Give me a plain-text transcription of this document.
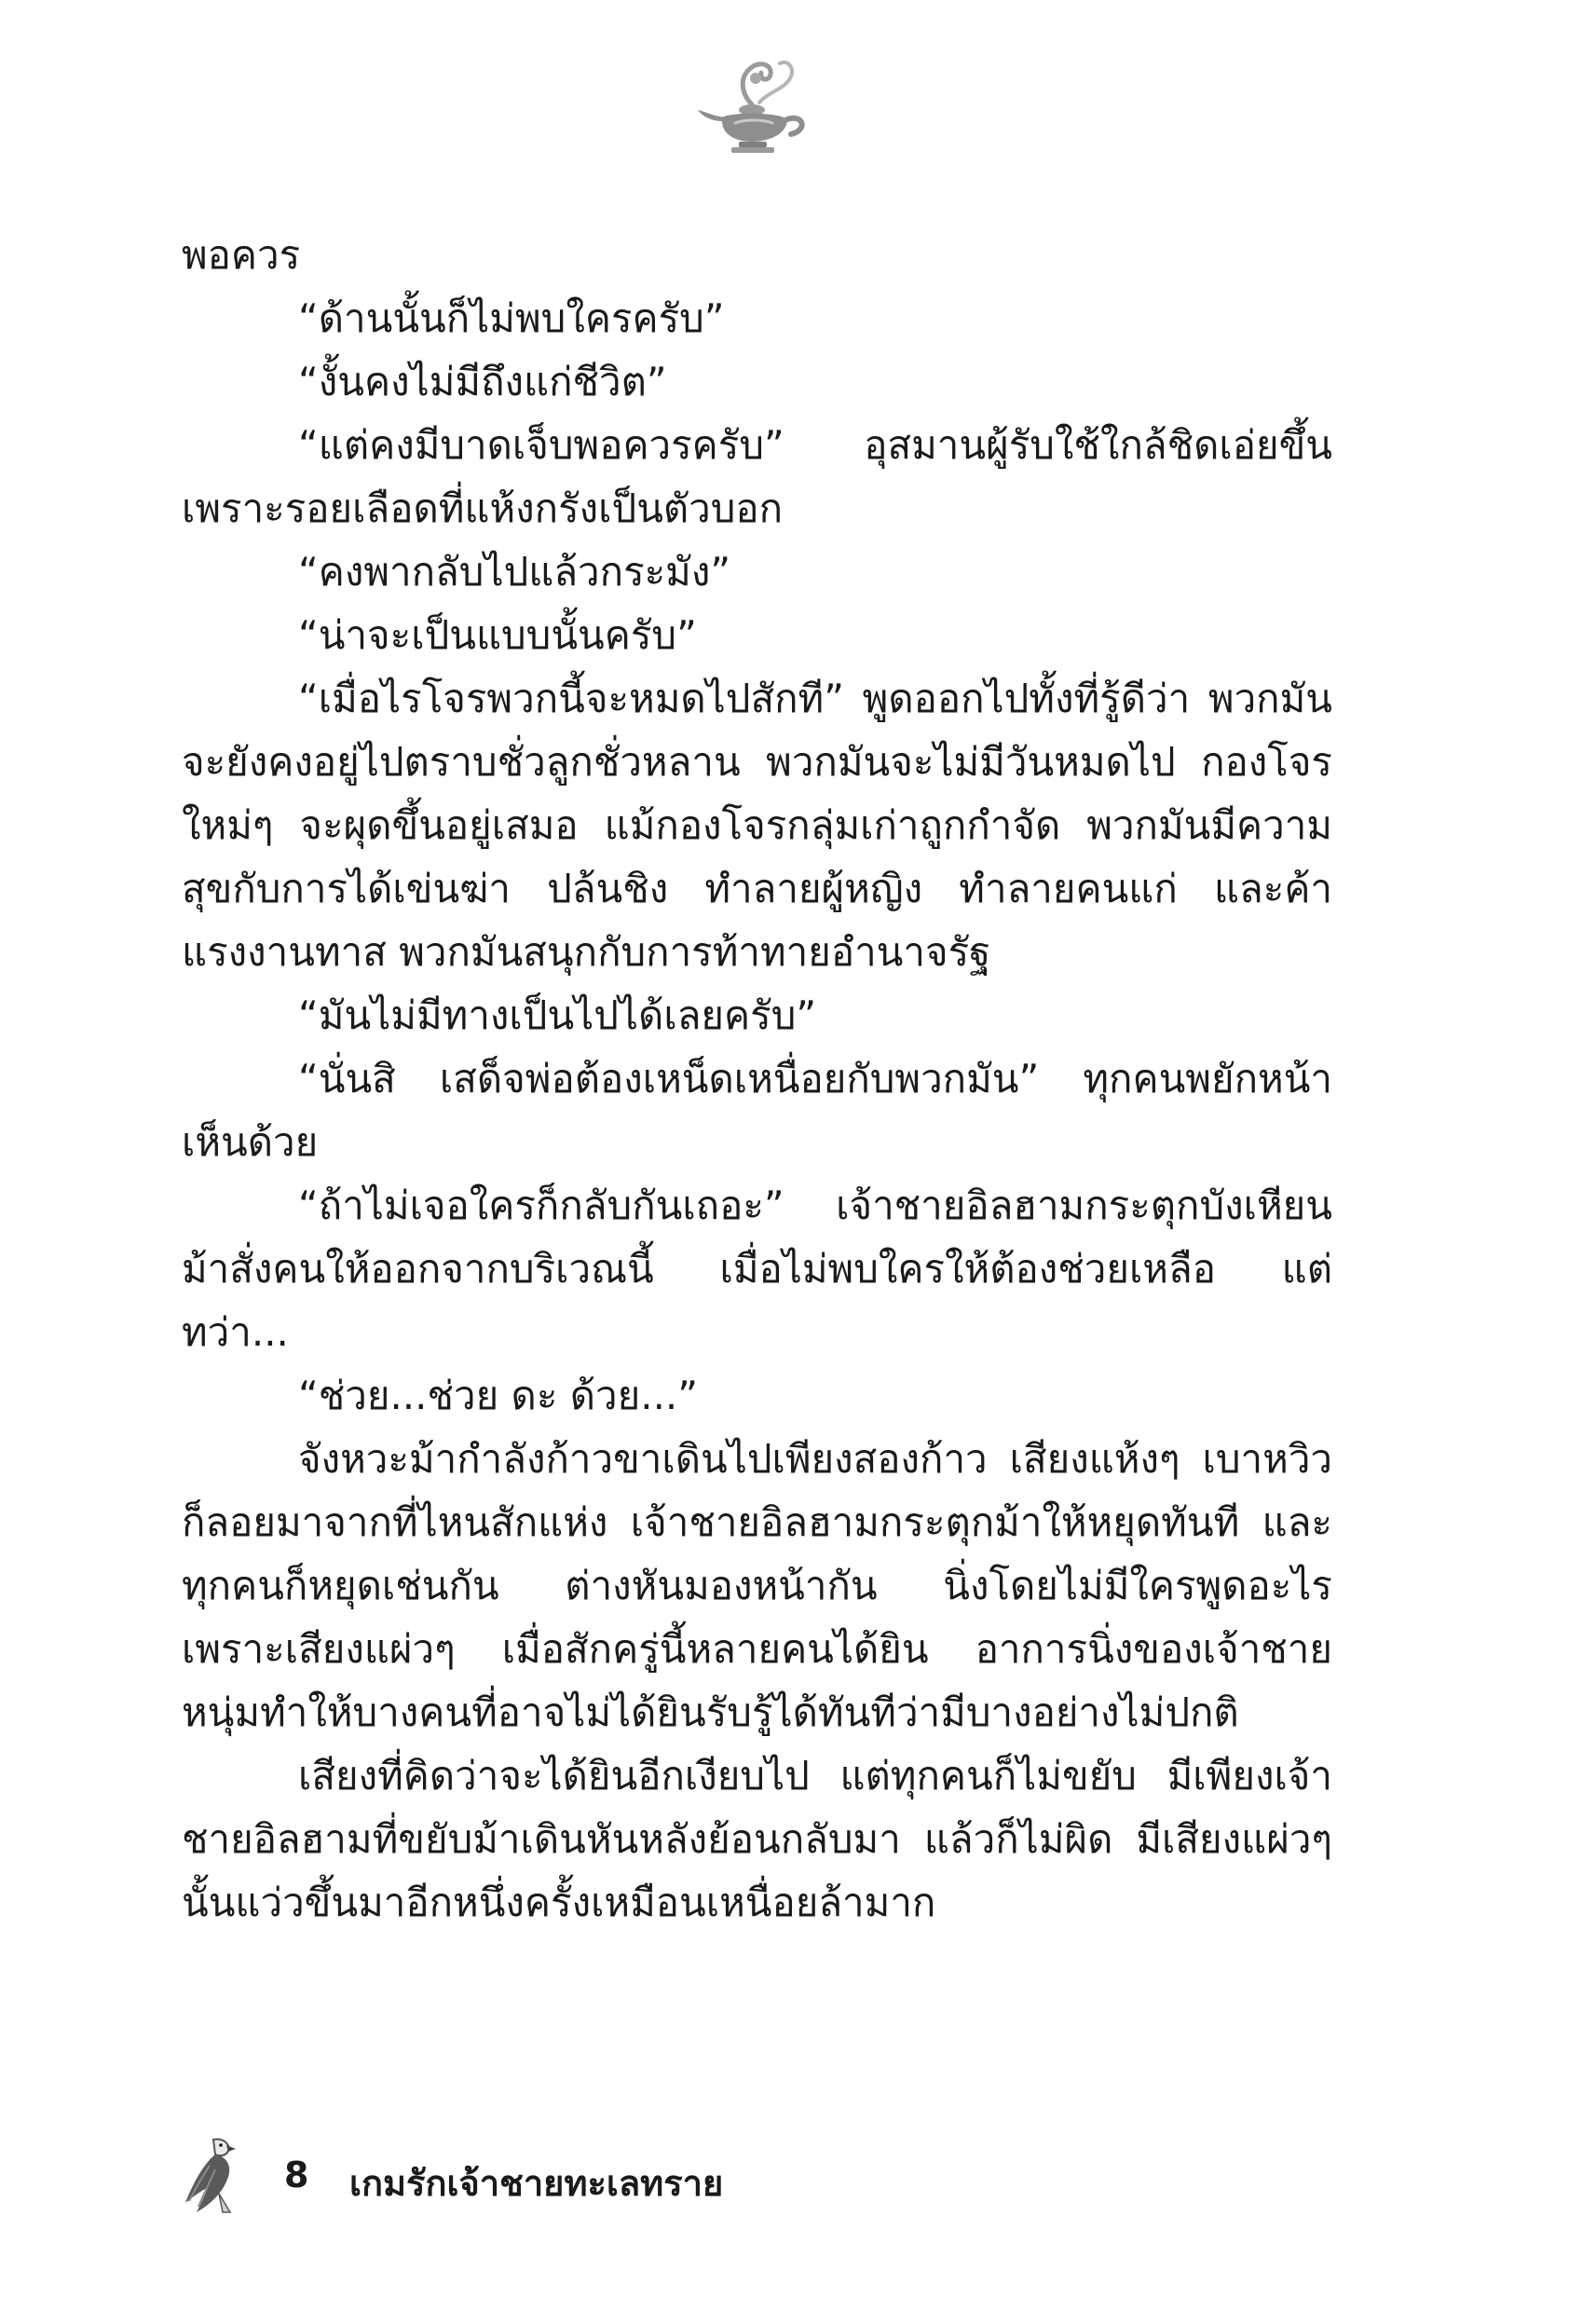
พอควร

“ด้านนั้นก็ไม่พบใครครับ”

“งั้นคงไม่มีถึงแก่ชีวิต”

“แต่คงมีบาดเจ็บพอควรครับ” อุสมานผู้รับใช้ใกล้ชิดเอ่ยขึ้น เพราะรอยเลือดที่แห้งกรังเป็นตัวบอก

“คงพากลับไปแล้วกระมัง”

“น่าจะเป็นแบบนั้นครับ”

“เมื่อไรโจรพวกนี้จะหมดไปสักที” พูดออกไปทั้งที่รู้ดีว่า พวกมันจะยังคงอยู่ไปตราบชั่วลูกชั่วหลาน พวกมันจะไม่มีวันหมดไป กองโจรใหม่ๆ จะผุดขึ้นอยู่เสมอ แม้กองโจรกลุ่มเก่าถูกกำจัด พวกมันมีความสุขกับการได้เข่นฆ่า ปล้นชิง ทำลายผู้หญิง ทำลายคนแก่ และค้าแรงงานทาส พวกมันสนุกกับการท้าทายอำนาจรัฐ

“มันไม่มีทางเป็นไปได้เลยครับ”

“นั่นสิ เสด็จพ่อต้องเหน็ดเหนื่อยกับพวกมัน” ทุกคนพยักหน้าเห็นด้วย

“ถ้าไม่เจอใครก็กลับกันเถอะ” เจ้าชายอิลฮามกระตุกบังเหียนม้าสั่งคนให้ออกจากบริเวณนี้ เมื่อไม่พบใครให้ต้องช่วยเหลือ แต่ทว่า...

“ช่วย...ช่วย ดะ ด้วย...”

จังหวะม้ากำลังก้าวขาเดินไปเพียงสองก้าว เสียงแห้งๆ เบาหวิวก็ลอยมาจากที่ไหนสักแห่ง เจ้าชายอิลฮามกระตุกม้าให้หยุดทันที และทุกคนก็หยุดเช่นกัน ต่างหันมองหน้ากัน นิ่งโดยไม่มีใครพูดอะไร เพราะเสียงแผ่วๆ เมื่อสักครู่นี้หลายคนได้ยิน อาการนิ่งของเจ้าชายหนุ่มทำให้บางคนที่อาจไม่ได้ยินรับรู้ได้ทันทีว่ามีบางอย่างไม่ปกติ

เสียงที่คิดว่าจะได้ยินอีกเงียบไป แต่ทุกคนก็ไม่ขยับ มีเพียงเจ้าชายอิลฮามที่ขยับม้าเดินหันหลังย้อนกลับมา แล้วก็ไม่ผิด มีเสียงแผ่วๆ นั้นแว่วขึ้นมาอีกหนึ่งครั้งเหมือนเหนื่อยล้ามาก

8 เกมรักเจ้าชายทะเลทราย
